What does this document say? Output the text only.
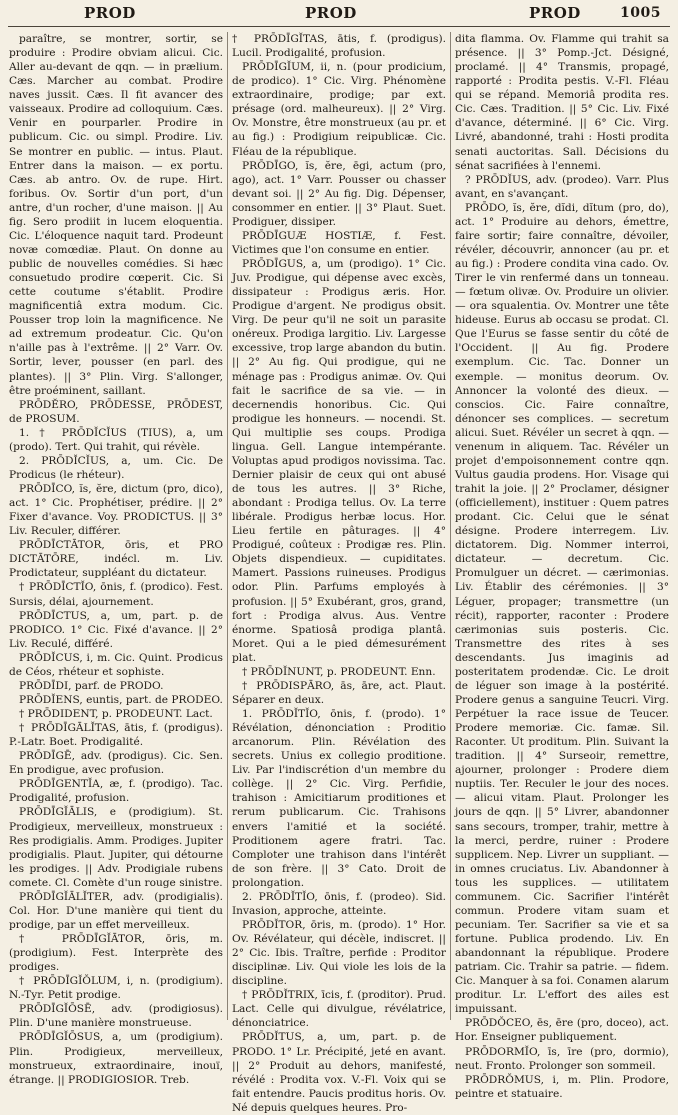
PROD	PROD	PROD	1005

paraître, se montrer, sortir, se produire : Prodire obviam alicui. Cic. Aller au-devant de qqn. — in prælium. Cæs. Marcher au combat. Prodire naves jussit. Cæs. Il fit avancer des vaisseaux. Prodire ad colloquium. Cæs. Venir en pourparler. Prodire in publicum. Cic. ou simpl. Prodire. Liv. Se montrer en public. — intus. Plaut. Entrer dans la maison. — ex portu. Cæs. ab antro. Ov. de rupe. Hirt. foribus. Ov. Sortir d'un port, d'un antre, d'un rocher, d'une maison. || Au fig. Sero prodiit in lucem eloquentia. Cic. L'éloquence naquit tard. Prodeunt novæ comœdiæ. Plaut. On donne au public de nouvelles comédies. Si hæc consuetudo prodire cœperit. Cic. Si cette coutume s'établit. Prodire magnificentiâ extra modum. Cic. Pousser trop loin la magnificence. Ne ad extremum prodeatur. Cic. Qu'on n'aille pas à l'extrême. || 2° Varr. Ov. Sortir, lever, pousser (en parl. des plantes). || 3° Plin. Virg. S'allonger, être proéminent, saillant.

PRŌDĔRO, PRŌDESSE, PRŌDEST, de PROSUM.

1. † PRŌDĬCĬUS (TIUS), a, um (prodo). Tert. Qui trahit, qui révèle.

2. PRŌDĬCĬUS, a, um. Cic. De Prodicus (le rhéteur).

PRŌDĪCO, ĭs, ĕre, dictum (pro, dico), act. 1° Cic. Prophétiser, prédire. || 2° Fixer d'avance. Voy. PRODICTUS. || 3° Liv. Reculer, différer.

PRŌDĪCTĀTOR, ōris, et PRO DICTĀTŌRE, indécl. m. Liv. Prodictateur, suppléant du dictateur.

† PRŌDĪCTĬO, ōnis, f. (prodico). Fest. Sursis, délai, ajournement.

PRŌDĪCTUS, a, um, part. p. de PRODICO. 1° Cic. Fixé d'avance. || 2° Liv. Reculé, différé.

PRŌDĬCUS, i, m. Cic. Quint. Prodicus de Céos, rhéteur et sophiste.

PRŌDĪDI, parf. de PRODO.

PRŌDĬENS, euntis, part. de PRODEO.

† PRŌDIDENT, p. PRODEUNT. Lact.

† PRŌDĪGĀLĬTAS, ātis, f. (prodigus). P.-Latr. Boet. Prodigalité.

PRŌDĪGĒ, adv. (prodigus). Cic. Sen. En prodigue, avec profusion.

PRŌDĪGENTĬA, æ, f. (prodigo). Tac. Prodigalité, profusion.

PRŌDĪGĬĀLIS, e (prodigium). St. Prodigieux, merveilleux, monstrueux : Res prodigialis. Amm. Prodiges. Jupiter prodigialis. Plaut. Jupiter, qui détourne les prodiges. || Adv. Prodigiale rubens comete. Cl. Comète d'un rouge sinistre.

PRŌDĪGĬĀLĬTER, adv. (prodigialis). Col. Hor. D'une manière qui tient du prodige, par un effet merveilleux.

† PRŌDĪGĬĀTOR, ōris, m. (prodigium). Fest. Interprète des prodiges.

† PRŌDĪGĬŎLUM, i, n. (prodigium). N.-Tyr. Petit prodige.

PRŌDĪGĬŌSĒ, adv. (prodigiosus). Plin. D'une manière monstrueuse.

PRŌDĪGĬŌSUS, a, um (prodigium). Plin. Prodigieux, merveilleux, monstrueux, extraordinaire, inouï, étrange. || PRODIGIOSIOR. Treb.

† PRŌDĪGĬTAS, ātis, f. (prodigus). Lucil. Prodigalité, profusion.

PRŌDĪGĬUM, ii, n. (pour prodicium, de prodico). 1° Cic. Virg. Phénomène extraordinaire, prodige; par ext. présage (ord. malheureux). || 2° Virg. Ov. Monstre, être monstrueux (au pr. et au fig.) : Prodigium reipublicæ. Cic. Fléau de la république.

PRŌDĪGO, ĭs, ĕre, ēgi, actum (pro, ago), act. 1° Varr. Pousser ou chasser devant soi. || 2° Au fig. Dig. Dépenser, consommer en entier. || 3° Plaut. Suet. Prodiguer, dissiper.

PRŌDĪGUÆ HOSTIÆ, f. Fest. Victimes que l'on consume en entier.

PRŌDĪGUS, a, um (prodigo). 1° Cic. Juv. Prodigue, qui dépense avec excès, dissipateur : Prodigus æris. Hor. Prodigue d'argent. Ne prodigus obsit. Virg. De peur qu'il ne soit un parasite onéreux. Prodiga largitio. Liv. Largesse excessive, trop large abandon du butin. || 2° Au fig. Qui prodigue, qui ne ménage pas : Prodigus animæ. Ov. Qui fait le sacrifice de sa vie. — in decernendis honoribus. Cic. Qui prodigue les honneurs. — nocendi. St. Qui multiplie ses coups. Prodiga lingua. Gell. Langue intempérante. Voluptas apud prodigos novissima. Tac. Dernier plaisir de ceux qui ont abusé de tous les autres. || 3° Riche, abondant : Prodiga tellus. Ov. La terre libérale. Prodigus herbæ locus. Hor. Lieu fertile en pâturages. || 4° Prodigué, coûteux : Prodigæ res. Plin. Objets dispendieux. — cupiditates. Mamert. Passions ruineuses. Prodigus odor. Plin. Parfums employés à profusion. || 5° Exubérant, gros, grand, fort : Prodiga alvus. Aus. Ventre énorme. Spatiosâ prodiga plantâ. Moret. Qui a le pied démesurément plat.

† PRŌDĬNUNT, p. PRODEUNT. Enn.

† PRŌDISPĀRO, ās, āre, act. Plaut. Séparer en deux.

1. PRŌDĬTĬO, ōnis, f. (prodo). 1° Révélation, dénonciation : Proditio arcanorum. Plin. Révélation des secrets. Unius ex collegio proditione. Liv. Par l'indiscrétion d'un membre du collège. || 2° Cic. Virg. Perfidie, trahison : Amicitiarum proditiones et rerum publicarum. Cic. Trahisons envers l'amitié et la société. Proditionem agere fratri. Tac. Comploter une trahison dans l'intérêt de son frère. || 3° Cato. Droit de prolongation.

2. PRŌDĬTĬO, ōnis, f. (prodeo). Sid. Invasion, approche, atteinte.

PRŌDĬTOR, ōris, m. (prodo). 1° Hor. Ov. Révélateur, qui décèle, indiscret. || 2° Cic. Ibis. Traître, perfide : Proditor disciplinæ. Liv. Qui viole les lois de la discipline.

† PRŌDĬTRIX, īcis, f. (proditor). Prud. Lact. Celle qui divulgue, révélatrice, dénonciatrice.

PRŌDĬTUS, a, um, part. p. de PRODO. 1° Lr. Précipité, jeté en avant. || 2° Produit au dehors, manifesté, révélé : Prodita vox. V.-Fl. Voix qui se fait entendre. Paucis proditus horis. Ov. Né depuis quelques heures. Pro-

dita flamma. Ov. Flamme qui trahit sa présence. || 3° Pomp.-Jct. Désigné, proclamé. || 4° Transmis, propagé, rapporté : Prodita pestis. V.-Fl. Fléau qui se répand. Memoriâ prodita res. Cic. Cæs. Tradition. || 5° Cic. Liv. Fixé d'avance, déterminé. || 6° Cic. Virg. Livré, abandonné, trahi : Hosti prodita senati auctoritas. Sall. Décisions du sénat sacrifiées à l'ennemi.

? PRŌDĬUS, adv. (prodeo). Varr. Plus avant, en s'avançant.

PRŌDO, ĭs, ĕre, dĭdi, dĭtum (pro, do), act. 1° Produire au dehors, émettre, faire sortir; faire connaître, dévoiler, révéler, découvrir, annoncer (au pr. et au fig.) : Prodere condita vina cado. Ov. Tirer le vin renfermé dans un tonneau. — fœtum olivæ. Ov. Produire un olivier. — ora squalentia. Ov. Montrer une tête hideuse. Eurus ab occasu se prodat. Cl. Que l'Eurus se fasse sentir du côté de l'Occident. || Au fig. Prodere exemplum. Cic. Tac. Donner un exemple. — monitus deorum. Ov. Annoncer la volonté des dieux. — conscios. Cic. Faire connaître, dénoncer ses complices. — secretum alicui. Suet. Révéler un secret à qqn. — venenum in aliquem. Tac. Révéler un projet d'empoisonnement contre qqn. Vultus gaudia prodens. Hor. Visage qui trahit la joie. || 2° Proclamer, désigner (officiellement), instituer : Quem patres prodant. Cic. Celui que le sénat désigne. Prodere interregem. Liv. dictatorem. Dig. Nommer interroi, dictateur. — decretum. Cic. Promulguer un décret. — cærimonias. Liv. Établir des cérémonies. || 3° Léguer, propager; transmettre (un récit), rapporter, raconter : Prodere cærimonias suis posteris. Cic. Transmettre des rites à ses descendants. Jus imaginis ad posteritatem prodendæ. Cic. Le droit de léguer son image à la postérité. Prodere genus a sanguine Teucri. Virg. Perpétuer la race issue de Teucer. Prodere memoriæ. Cic. famæ. Sil. Raconter. Ut proditum. Plin. Suivant la tradition. || 4° Surseoir, remettre, ajourner, prolonger : Prodere diem nuptiis. Ter. Reculer le jour des noces. — alicui vitam. Plaut. Prolonger les jours de qqn. || 5° Livrer, abandonner sans secours, tromper, trahir, mettre à la merci, perdre, ruiner : Prodere supplicem. Nep. Livrer un suppliant. — in omnes cruciatus. Liv. Abandonner à tous les supplices. — utilitatem communem. Cic. Sacrifier l'intérêt commun. Prodere vitam suam et pecuniam. Ter. Sacrifier sa vie et sa fortune. Publica prodendo. Liv. En abandonnant la république. Prodere patriam. Cic. Trahir sa patrie. — fidem. Cic. Manquer à sa foi. Conamen alarum proditur. Lr. L'effort des ailes est impuissant.

PRŌDŎCEO, ēs, ēre (pro, doceo), act. Hor. Enseigner publiquement.

PRŌDORMĬO, īs, īre (pro, dormio), neut. Fronto. Prolonger son sommeil.

PRŌDRŎMUS, i, m. Plin. Prodore, peintre et statuaire.
